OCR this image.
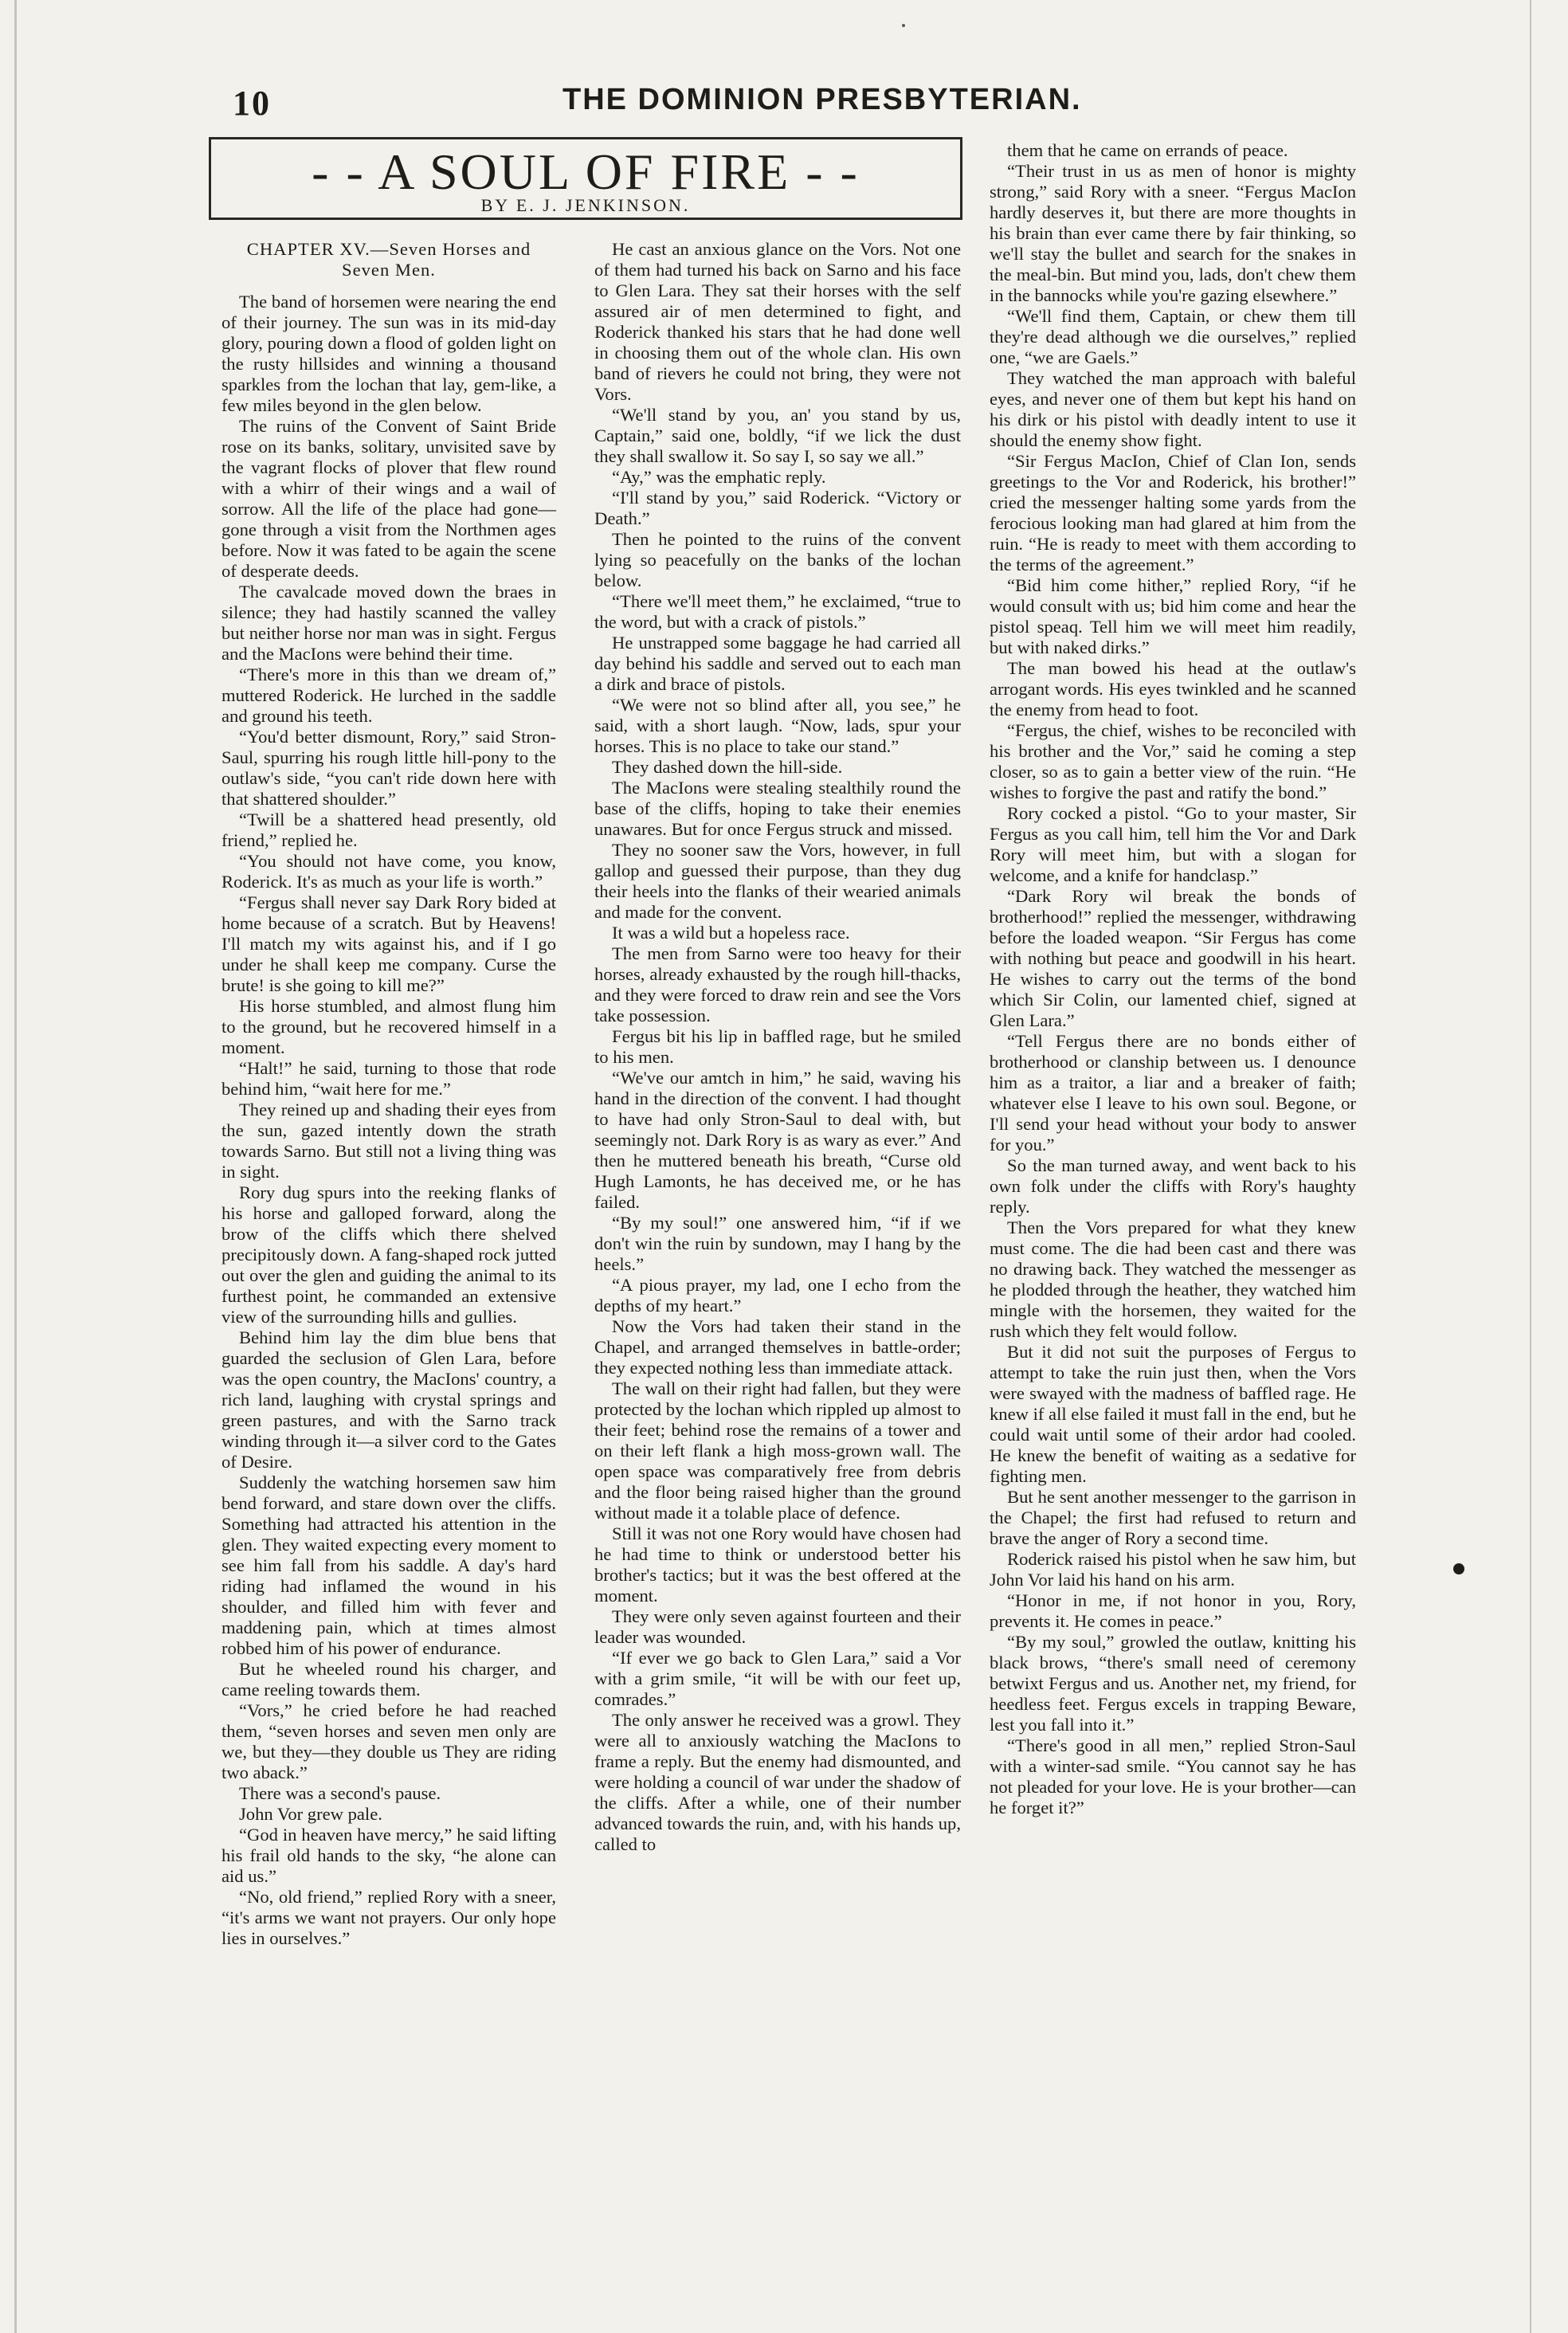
10	THE DOMINION PRESBYTERIAN.
- - A SOUL OF FIRE - -
BY E. J. JENKINSON.

CHAPTER XV.—Seven Horses and Seven Men.

The band of horsemen were nearing the end of their journey. The sun was in its mid-day glory, pouring down a flood of golden light on the rusty hillsides and winning a thousand sparkles from the lochan that lay, gem-like, a few miles beyond in the glen below.

The ruins of the Convent of Saint Bride rose on its banks, solitary, unvisited save by the vagrant flocks of plover that flew round with a whirr of their wings and a wail of sorrow. All the life of the place had gone—gone through a visit from the Northmen ages before. Now it was fated to be again the scene of desperate deeds.

The cavalcade moved down the braes in silence; they had hastily scanned the valley but neither horse nor man was in sight. Fergus and the MacIons were behind their time.

“There's more in this than we dream of,” muttered Roderick. He lurched in the saddle and ground his teeth.

“You'd better dismount, Rory,” said Stron-Saul, spurring his rough little hill-pony to the outlaw's side, “you can't ride down here with that shattered shoulder.”

“Twill be a shattered head presently, old friend,” replied he.

“You should not have come, you know, Roderick. It's as much as your life is worth.”

“Fergus shall never say Dark Rory bided at home because of a scratch. But by Heavens! I'll match my wits against his, and if I go under he shall keep me company. Curse the brute! is she going to kill me?”

His horse stumbled, and almost flung him to the ground, but he recovered himself in a moment.

“Halt!” he said, turning to those that rode behind him, “wait here for me.”

They reined up and shading their eyes from the sun, gazed intently down the strath towards Sarno. But still not a living thing was in sight.

Rory dug spurs into the reeking flanks of his horse and galloped forward, along the brow of the cliffs which there shelved precipitously down. A fang-shaped rock jutted out over the glen and guiding the animal to its furthest point, he commanded an extensive view of the surrounding hills and gullies.

Behind him lay the dim blue bens that guarded the seclusion of Glen Lara, before was the open country, the MacIons' country, a rich land, laughing with crystal springs and green pastures, and with the Sarno track winding through it—a silver cord to the Gates of Desire.

Suddenly the watching horsemen saw him bend forward, and stare down over the cliffs. Something had attracted his attention in the glen. They waited expecting every moment to see him fall from his saddle. A day's hard riding had inflamed the wound in his shoulder, and filled him with fever and maddening pain, which at times almost robbed him of his power of endurance.

But he wheeled round his charger, and came reeling towards them.

“Vors,” he cried before he had reached them, “seven horses and seven men only are we, but they—they double us They are riding two aback.”

There was a second's pause.

John Vor grew pale.

“God in heaven have mercy,” he said lifting his frail old hands to the sky, “he alone can aid us.”

“No, old friend,” replied Rory with a sneer, “it's arms we want not prayers. Our only hope lies in ourselves.”

He cast an anxious glance on the Vors. Not one of them had turned his back on Sarno and his face to Glen Lara. They sat their horses with the self assured air of men determined to fight, and Roderick thanked his stars that he had done well in choosing them out of the whole clan. His own band of rievers he could not bring, they were not Vors.

“We'll stand by you, an' you stand by us, Captain,” said one, boldly, “if we lick the dust they shall swallow it. So say I, so say we all.”

“Ay,” was the emphatic reply.

“I'll stand by you,” said Roderick. “Victory or Death.”

Then he pointed to the ruins of the convent lying so peacefully on the banks of the lochan below.

“There we'll meet them,” he exclaimed, “true to the word, but with a crack of pistols.”

He unstrapped some baggage he had carried all day behind his saddle and served out to each man a dirk and brace of pistols.

“We were not so blind after all, you see,” he said, with a short laugh. “Now, lads, spur your horses. This is no place to take our stand.”

They dashed down the hill-side.

The MacIons were stealing stealthily round the base of the cliffs, hoping to take their enemies unawares. But for once Fergus struck and missed.

They no sooner saw the Vors, however, in full gallop and guessed their purpose, than they dug their heels into the flanks of their wearied animals and made for the convent.

It was a wild but a hopeless race.

The men from Sarno were too heavy for their horses, already exhausted by the rough hill-thacks, and they were forced to draw rein and see the Vors take possession.

Fergus bit his lip in baffled rage, but he smiled to his men.

“We've our amtch in him,” he said, waving his hand in the direction of the convent. I had thought to have had only Stron-Saul to deal with, but seemingly not. Dark Rory is as wary as ever.” And then he muttered beneath his breath, “Curse old Hugh Lamonts, he has deceived me, or he has failed.

“By my soul!” one answered him, “if if we don't win the ruin by sundown, may I hang by the heels.”

“A pious prayer, my lad, one I echo from the depths of my heart.”

Now the Vors had taken their stand in the Chapel, and arranged themselves in battle-order; they expected nothing less than immediate attack.

The wall on their right had fallen, but they were protected by the lochan which rippled up almost to their feet; behind rose the remains of a tower and on their left flank a high moss-grown wall. The open space was comparatively free from debris and the floor being raised higher than the ground without made it a tolable place of defence.

Still it was not one Rory would have chosen had he had time to think or understood better his brother's tactics; but it was the best offered at the moment.

They were only seven against fourteen and their leader was wounded.

“If ever we go back to Glen Lara,” said a Vor with a grim smile, “it will be with our feet up, comrades.”

The only answer he received was a growl. They were all to anxiously watching the MacIons to frame a reply. But the enemy had dismounted, and were holding a council of war under the shadow of the cliffs. After a while, one of their number advanced towards the ruin, and, with his hands up, called to

them that he came on errands of peace.

“Their trust in us as men of honor is mighty strong,” said Rory with a sneer. “Fergus MacIon hardly deserves it, but there are more thoughts in his brain than ever came there by fair thinking, so we'll stay the bullet and search for the snakes in the meal-bin. But mind you, lads, don't chew them in the bannocks while you're gazing elsewhere.”

“We'll find them, Captain, or chew them till they're dead although we die ourselves,” replied one, “we are Gaels.”

They watched the man approach with baleful eyes, and never one of them but kept his hand on his dirk or his pistol with deadly intent to use it should the enemy show fight.

“Sir Fergus MacIon, Chief of Clan Ion, sends greetings to the Vor and Roderick, his brother!” cried the messenger halting some yards from the ferocious looking man had glared at him from the ruin. “He is ready to meet with them according to the terms of the agreement.”

“Bid him come hither,” replied Rory, “if he would consult with us; bid him come and hear the pistol speaq. Tell him we will meet him readily, but with naked dirks.”

The man bowed his head at the outlaw's arrogant words. His eyes twinkled and he scanned the enemy from head to foot.

“Fergus, the chief, wishes to be reconciled with his brother and the Vor,” said he coming a step closer, so as to gain a better view of the ruin. “He wishes to forgive the past and ratify the bond.”

Rory cocked a pistol. “Go to your master, Sir Fergus as you call him, tell him the Vor and Dark Rory will meet him, but with a slogan for welcome, and a knife for handclasp.”

“Dark Rory wil break the bonds of brotherhood!” replied the messenger, withdrawing before the loaded weapon. “Sir Fergus has come with nothing but peace and goodwill in his heart. He wishes to carry out the terms of the bond which Sir Colin, our lamented chief, signed at Glen Lara.”

“Tell Fergus there are no bonds either of brotherhood or clanship between us. I denounce him as a traitor, a liar and a breaker of faith; whatever else I leave to his own soul. Begone, or I'll send your head without your body to answer for you.”

So the man turned away, and went back to his own folk under the cliffs with Rory's haughty reply.

Then the Vors prepared for what they knew must come. The die had been cast and there was no drawing back. They watched the messenger as he plodded through the heather, they watched him mingle with the horsemen, they waited for the rush which they felt would follow.

But it did not suit the purposes of Fergus to attempt to take the ruin just then, when the Vors were swayed with the madness of baffled rage. He knew if all else failed it must fall in the end, but he could wait until some of their ardor had cooled. He knew the benefit of waiting as a sedative for fighting men.

But he sent another messenger to the garrison in the Chapel; the first had refused to return and brave the anger of Rory a second time.

Roderick raised his pistol when he saw him, but John Vor laid his hand on his arm.

“Honor in me, if not honor in you, Rory, prevents it. He comes in peace.”

“By my soul,” growled the outlaw, knitting his black brows, “there's small need of ceremony betwixt Fergus and us. Another net, my friend, for heedless feet. Fergus excels in trapping Beware, lest you fall into it.”

“There's good in all men,” replied Stron-Saul with a winter-sad smile. “You cannot say he has not pleaded for your love. He is your brother—can he forget it?”
